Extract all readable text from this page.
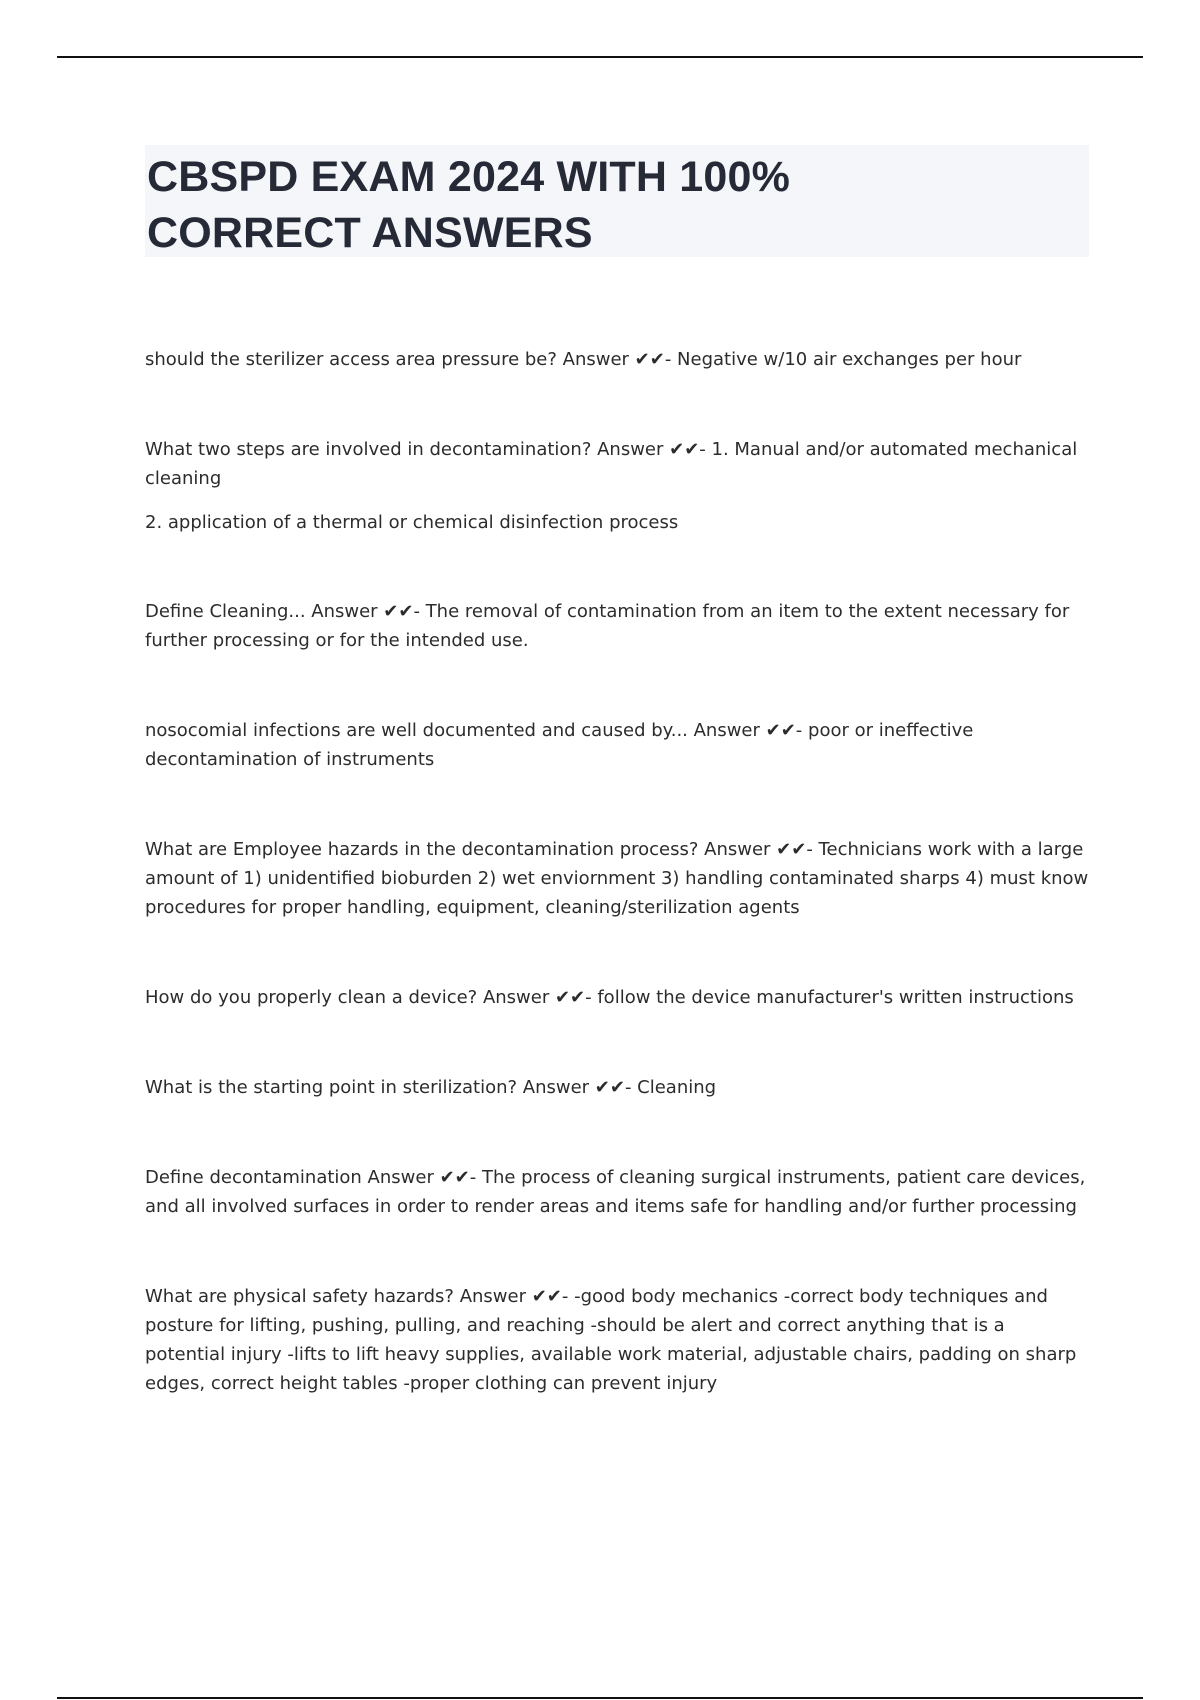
CBSPD EXAM 2024 WITH 100%
CORRECT ANSWERS

should the sterilizer access area pressure be? Answer ✔✔- Negative w/10 air exchanges per hour

What two steps are involved in decontamination? Answer ✔✔- 1. Manual and/or automated mechanical cleaning

2. application of a thermal or chemical disinfection process

Define Cleaning... Answer ✔✔- The removal of contamination from an item to the extent necessary for further processing or for the intended use.

nosocomial infections are well documented and caused by... Answer ✔✔- poor or ineffective decontamination of instruments

What are Employee hazards in the decontamination process? Answer ✔✔- Technicians work with a large amount of 1) unidentified bioburden 2) wet enviornment 3) handling contaminated sharps 4) must know procedures for proper handling, equipment, cleaning/sterilization agents

How do you properly clean a device? Answer ✔✔- follow the device manufacturer's written instructions

What is the starting point in sterilization? Answer ✔✔- Cleaning

Define decontamination Answer ✔✔- The process of cleaning surgical instruments, patient care devices, and all involved surfaces in order to render areas and items safe for handling and/or further processing

What are physical safety hazards? Answer ✔✔- -good body mechanics -correct body techniques and posture for lifting, pushing, pulling, and reaching -should be alert and correct anything that is a potential injury -lifts to lift heavy supplies, available work material, adjustable chairs, padding on sharp edges, correct height tables -proper clothing can prevent injury
